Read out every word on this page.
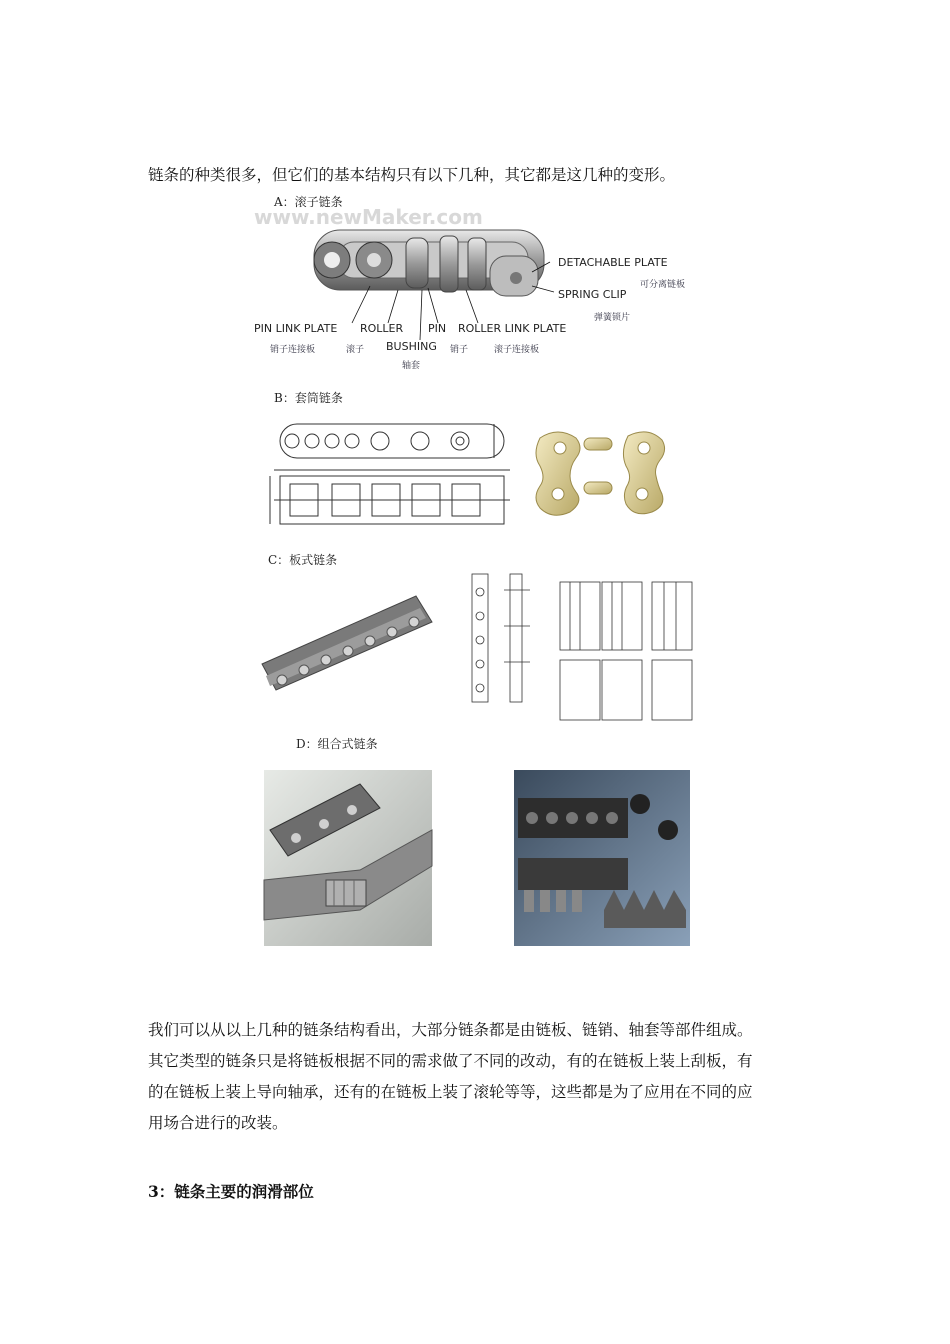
链条的种类很多，但它们的基本结构只有以下几种，其它都是这几种的变形。

A：滚子链条
www.newMaker.com
DETACHABLE PLATE
可分离链板
SPRING CLIP
弹簧锁片
PIN LINK PLATE
销子连接板
ROLLER
滚子 BUSHING
轴套
PIN
销子
ROLLER LINK PLATE
滚子连接板
B：套筒链条
C：板式链条
D：组合式链条

我们可以从以上几种的链条结构看出，大部分链条都是由链板、链销、轴套等部件组成。

其它类型的链条只是将链板根据不同的需求做了不同的改动，有的在链板上装上刮板，有

的在链板上装上导向轴承，还有的在链板上装了滚轮等等，这些都是为了应用在不同的应

用场合进行的改装。

3：链条主要的润滑部位
